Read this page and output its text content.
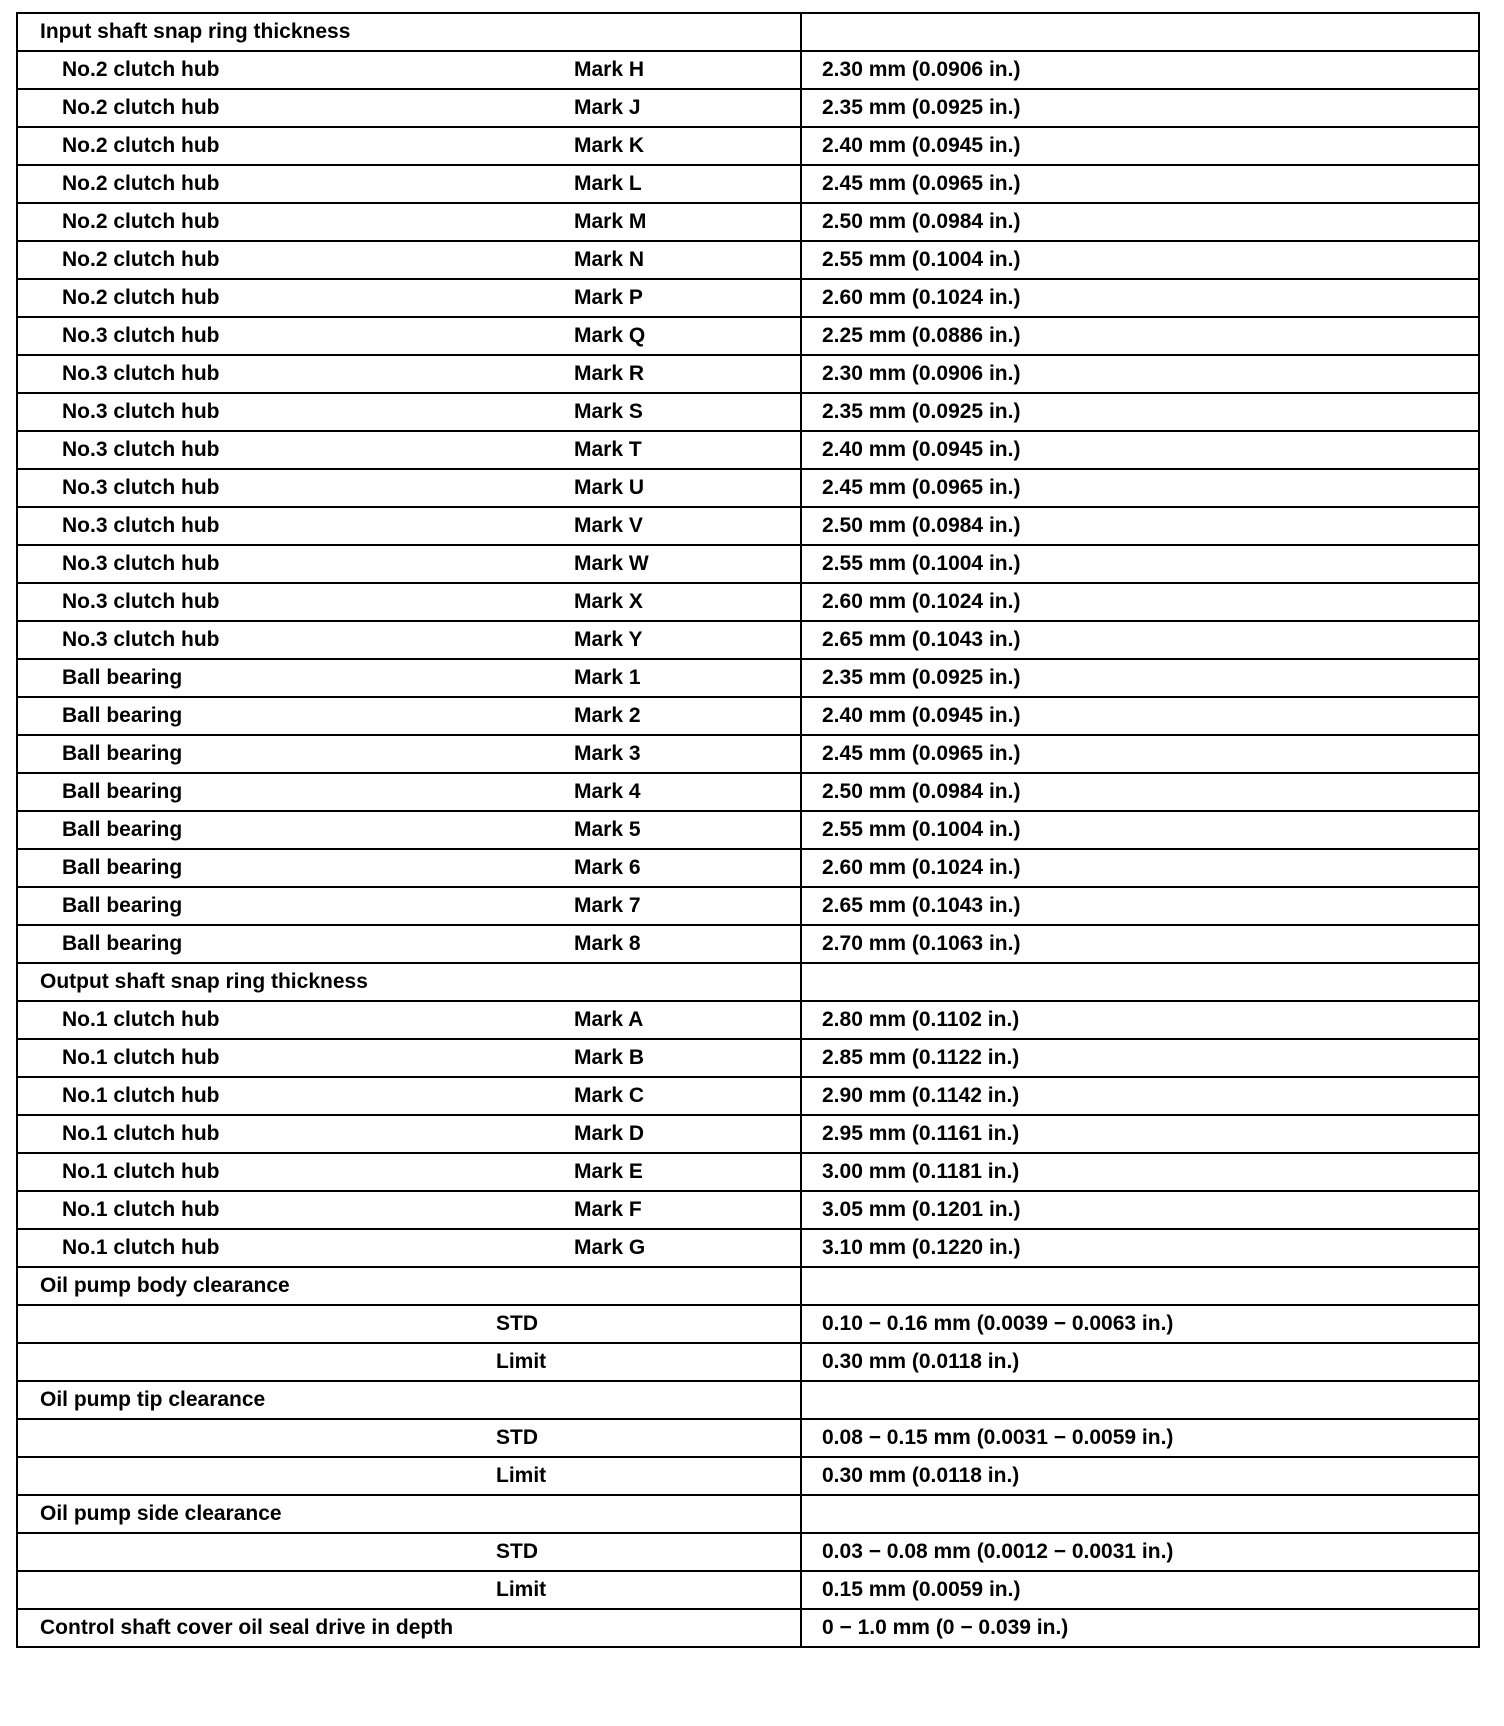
Input shaft snap ring thickness	

No.2 clutch hub Mark H	2.30 mm (0.0906 in.)

No.2 clutch hub Mark J	2.35 mm (0.0925 in.)

No.2 clutch hub Mark K	2.40 mm (0.0945 in.)

No.2 clutch hub Mark L	2.45 mm (0.0965 in.)

No.2 clutch hub Mark M	2.50 mm (0.0984 in.)

No.2 clutch hub Mark N	2.55 mm (0.1004 in.)

No.2 clutch hub Mark P	2.60 mm (0.1024 in.)

No.3 clutch hub Mark Q	2.25 mm (0.0886 in.)

No.3 clutch hub Mark R	2.30 mm (0.0906 in.)

No.3 clutch hub Mark S	2.35 mm (0.0925 in.)

No.3 clutch hub Mark T	2.40 mm (0.0945 in.)

No.3 clutch hub Mark U	2.45 mm (0.0965 in.)

No.3 clutch hub Mark V	2.50 mm (0.0984 in.)

No.3 clutch hub Mark W	2.55 mm (0.1004 in.)

No.3 clutch hub Mark X	2.60 mm (0.1024 in.)

No.3 clutch hub Mark Y	2.65 mm (0.1043 in.)

Ball bearing Mark 1	2.35 mm (0.0925 in.)

Ball bearing Mark 2	2.40 mm (0.0945 in.)

Ball bearing Mark 3	2.45 mm (0.0965 in.)

Ball bearing Mark 4	2.50 mm (0.0984 in.)

Ball bearing Mark 5	2.55 mm (0.1004 in.)

Ball bearing Mark 6	2.60 mm (0.1024 in.)

Ball bearing Mark 7	2.65 mm (0.1043 in.)

Ball bearing Mark 8	2.70 mm (0.1063 in.)

Output shaft snap ring thickness	

No.1 clutch hub Mark A	2.80 mm (0.1102 in.)

No.1 clutch hub Mark B	2.85 mm (0.1122 in.)

No.1 clutch hub Mark C	2.90 mm (0.1142 in.)

No.1 clutch hub Mark D	2.95 mm (0.1161 in.)

No.1 clutch hub Mark E	3.00 mm (0.1181 in.)

No.1 clutch hub Mark F	3.05 mm (0.1201 in.)

No.1 clutch hub Mark G	3.10 mm (0.1220 in.)

Oil pump body clearance	

STD	0.10 − 0.16 mm (0.0039 − 0.0063 in.)

Limit	0.30 mm (0.0118 in.)

Oil pump tip clearance	

STD	0.08 − 0.15 mm (0.0031 − 0.0059 in.)

Limit	0.30 mm (0.0118 in.)

Oil pump side clearance	

STD	0.03 − 0.08 mm (0.0012 − 0.0031 in.)

Limit	0.15 mm (0.0059 in.)

Control shaft cover oil seal drive in depth	0 − 1.0 mm (0 − 0.039 in.)
